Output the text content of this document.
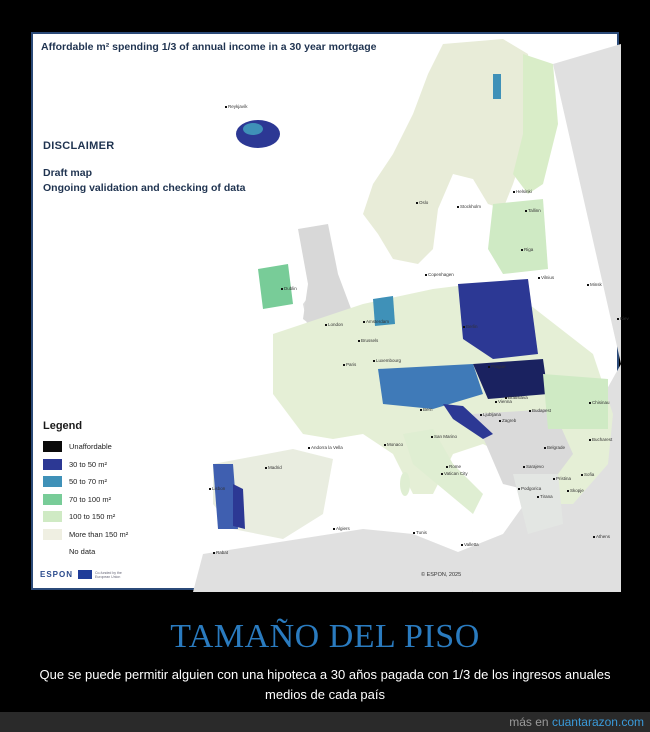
Affordable m² spending 1/3 of annual income in a 30 year mortgage
DISCLAIMER
Draft map
Ongoing validation and checking of data
Reykjavík
Oslo
Stockholm
Helsinki
Tallinn
Riga
Vilnius
Minsk
Kiev
Copenhagen
Dublin
London
Amsterdam
Brussels
Luxembourg
Paris
Berlin
Prague
Vienna
Bratislava
Budapest
Bern
Ljubljana
Zagreb
Chisinau
Bucharest
Belgrade
Sarajevo
Pristina
Podgorica	Skopje
Sofia
Tirana
Athens
Monaco
San Marino
Rome
Vatican City
Andorra la Vella
Madrid
Lisbon
Algiers
Tunis
Valletta
Rabat
Legend
Unaffordable
30 to 50 m²
50 to 70 m²
70 to 100 m²
100 to 150 m²
More than 150 m²
No data
ESPON	Co-funded by the European Union	© ESPON, 2025
TAMAÑO DEL PISO
Que se puede permitir alguien con una hipoteca a 30 años pagada con 1/3 de los ingresos anuales medios de cada país
más en cuantarazon.com
